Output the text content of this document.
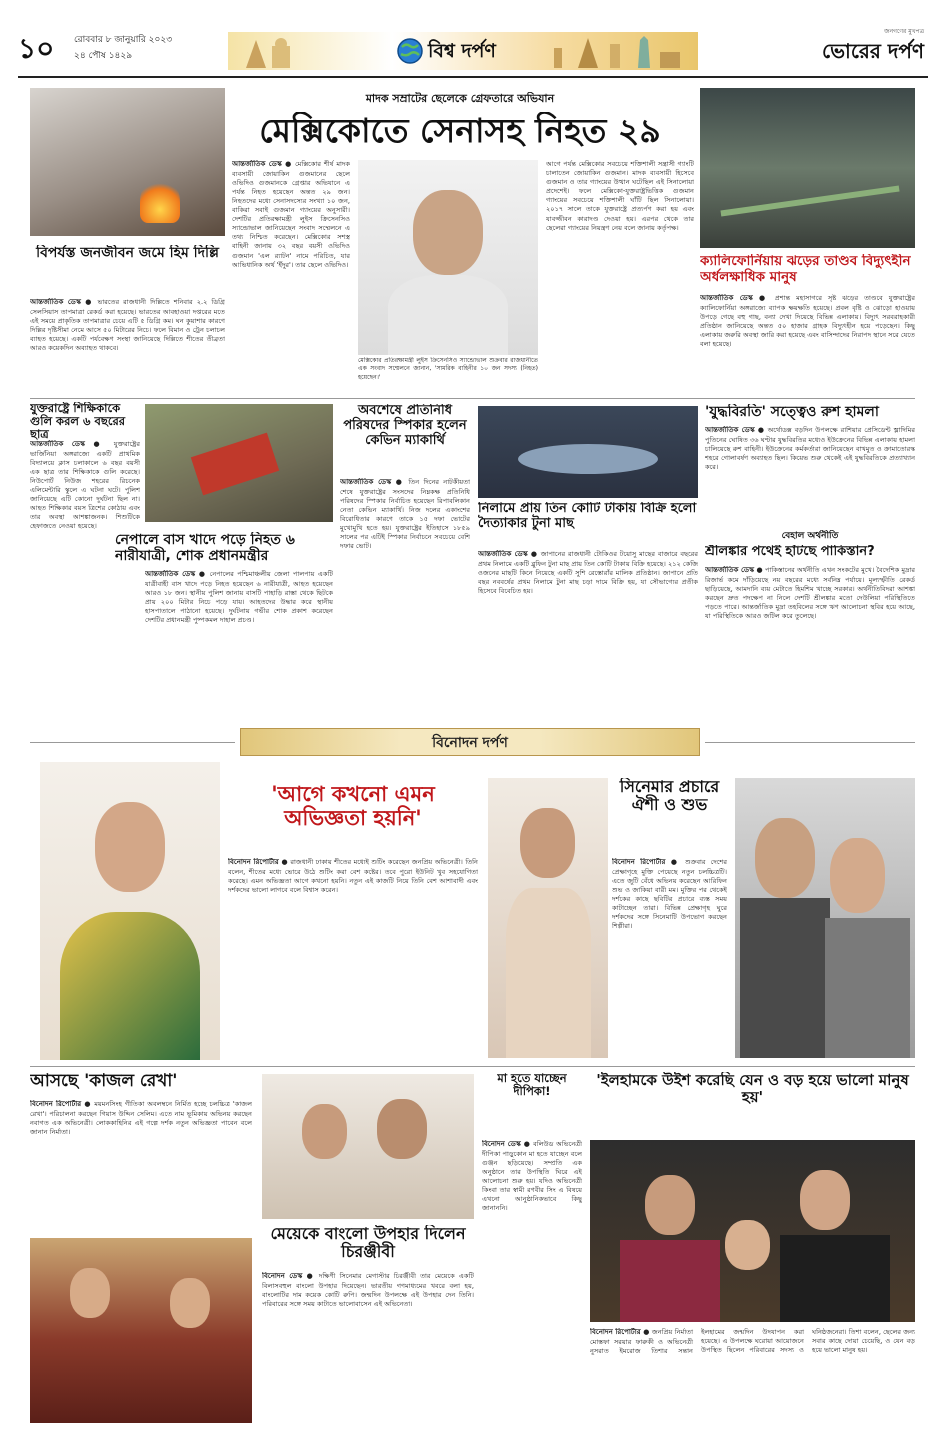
১০ রোববার ৮ জানুয়ারি ২০২৩
২৪ পৌষ ১৪২৯	বিশ্ব দর্পণ
জনগণের মুখপত্র
ভোরের দর্পণ
মাদক সম্রাটের ছেলেকে গ্রেফতারে অভিযান
মেক্সিকোতে সেনাসহ নিহত ২৯
আন্তর্জাতিক ডেস্ক ● মেক্সিকোর শীর্ষ মাদক ব্যবসায়ী জোয়াকিন গুজমানের ছেলে ওভিদিও গুজমানকে গ্রেপ্তার অভিযানে এ পর্যন্ত নিহত হয়েছেন অন্তত ২৯ জন। নিহতদের মধ্যে সেনাসদস্যের সংখ্যা ১০ জন, বাকিরা সবাই গুজমান গ্যাংয়ের অনুসারী। দেশটির প্রতিরক্ষামন্ত্রী লুইস ক্রিসেনসিও স্যান্ডোভাল জানিয়েছেন সংবাদ সম্মেলনে এ তথ্য নিশ্চিত করেছেন। মেক্সিকোর সশস্ত্র বাহিনী জানায় ৩২ বছর বয়সী ওভিদিও গুজমান 'এল র‍্যাটন' নামে পরিচিত, যার আভিধানিক অর্থ 'ইঁদুর'। তার ছেলে ওভিদিও।
মেক্সিকোর প্রতিরক্ষামন্ত্রী লুইস ক্রিসেনসিও স্যান্ডোভাল শুক্রবার রাজধানীতে এক সংবাদ সম্মেলনে জানান, 'সামরিক বাহিনীর ১০ জন সদস্য (নিহত) হয়েছেন।'
আগে পর্যন্ত মেক্সিকোর সবচেয়ে শক্তিশালী সন্ত্রাসী গ্যাংটি চালাতেন জোয়াকিন গুজমান। মাদক ব্যবসায়ী হিসেবে গুজমান ও তার গ্যাংয়ের উত্থান ঘটেছিল এই সিনালোয়া প্রদেশেই। ফলে মেক্সিকো-যুক্তরাষ্ট্রভিত্তিক গুজমান গ্যাংয়ের সবচেয়ে শক্তিশালী ঘাঁটি ছিল সিনালোয়া। ২০১৭ সালে তাকে যুক্তরাষ্ট্রে প্রত্যর্পণ করা হয় এবং যাবজ্জীবন কারাদণ্ড দেওয়া হয়। এরপর থেকে তার ছেলেরা গ্যাংয়ের নিয়ন্ত্রণ নেয় বলে জানায় কর্তৃপক্ষ।
ক্যালিফোর্নিয়ায় ঝড়ের তাণ্ডব বিদ্যুৎহীন অর্ধলক্ষাধিক মানুষ
আন্তর্জাতিক ডেস্ক ● প্রশান্ত মহাসাগরে সৃষ্ট ঝড়ের তাণ্ডবে যুক্তরাষ্ট্রের ক্যালিফোর্নিয়া অঙ্গরাজ্যে ব্যাপক ক্ষয়ক্ষতি হয়েছে। প্রবল বৃষ্টি ও ঝোড়ো হাওয়ায় উপড়ে গেছে বহু গাছ, বন্যা দেখা দিয়েছে বিভিন্ন এলাকায়। বিদ্যুৎ সরবরাহকারী প্রতিষ্ঠান জানিয়েছে অন্তত ৫০ হাজার গ্রাহক বিদ্যুৎহীন হয়ে পড়েছেন। কিছু এলাকায় জরুরি অবস্থা জারি করা হয়েছে এবং বাসিন্দাদের নিরাপদ স্থানে সরে যেতে বলা হয়েছে।
বিপর্যস্ত জনজীবন জমে হিম দিল্লি
আন্তর্জাতিক ডেস্ক ● ভারতের রাজধানী দিল্লিতে শনিবার ২.২ ডিগ্রি সেলসিয়াস তাপমাত্রা রেকর্ড করা হয়েছে। ভারতের আবহাওয়া দপ্তরের মতে এই সময়ে প্রাকৃতিক তাপমাত্রার চেয়ে এটি ৫ ডিগ্রি কম। ঘন কুয়াশার কারণে দিল্লির দৃষ্টিসীমা নেমে আসে ৫০ মিটারের নিচে। ফলে বিমান ও ট্রেন চলাচল ব্যাহত হয়েছে। একটি পর্যবেক্ষণ সংস্থা জানিয়েছে দিল্লিতে শীতের তীব্রতা আরও কয়েকদিন অব্যাহত থাকবে।
যুক্তরাষ্ট্রে শিক্ষিকাকে গুলি করল ৬ বছরের ছাত্র
আন্তর্জাতিক ডেস্ক ● যুক্তরাষ্ট্রের ভার্জিনিয়া অঙ্গরাজ্যে একটি প্রাথমিক বিদ্যালয়ে ক্লাস চলাকালে ৬ বছর বয়সী এক ছাত্র তার শিক্ষিকাকে গুলি করেছে। নিউপোর্ট নিউজ শহরের রিচনেক এলিমেন্টারি স্কুলে এ ঘটনা ঘটে। পুলিশ জানিয়েছে এটি কোনো দুর্ঘটনা ছিল না। আহত শিক্ষিকার বয়স ত্রিশের কোঠায় এবং তার অবস্থা আশঙ্কাজনক। শিশুটিকে হেফাজতে নেওয়া হয়েছে।
নেপালে বাস খাদে পড়ে নিহত ৬ নারীযাত্রী, শোক প্রধানমন্ত্রীর
আন্তর্জাতিক ডেস্ক ● নেপালের পশ্চিমাঞ্চলীয় জেলা পালপায় একটি যাত্রীবাহী বাস খাদে পড়ে নিহত হয়েছেন ৬ নারীযাত্রী, আহত হয়েছেন আরও ১৮ জন। স্থানীয় পুলিশ জানায় বাসটি পাহাড়ি রাস্তা থেকে ছিটকে প্রায় ২০০ মিটার নিচে পড়ে যায়। আহতদের উদ্ধার করে স্থানীয় হাসপাতালে পাঠানো হয়েছে। দুর্ঘটনায় গভীর শোক প্রকাশ করেছেন দেশটির প্রধানমন্ত্রী পুষ্পকমল দাহাল প্রচণ্ড।
অবশেষে প্রতিনিধি পরিষদের স্পিকার হলেন কেভিন ম্যাকার্থি
আন্তর্জাতিক ডেস্ক ● তিন দিনের নাটকীয়তা শেষে যুক্তরাষ্ট্রের সংসদের নিম্নকক্ষ প্রতিনিধি পরিষদের স্পিকার নির্বাচিত হয়েছেন রিপাবলিকান নেতা কেভিন ম্যাকার্থি। নিজ দলের একাংশের বিরোধিতার কারণে তাকে ১৫ দফা ভোটের মুখোমুখি হতে হয়। যুক্তরাষ্ট্রের ইতিহাসে ১৮৫৯ সালের পর এটিই স্পিকার নির্বাচনে সবচেয়ে বেশি দফার ভোট।
নিলামে প্রায় তিন কোটি টাকায় বিক্রি হলো দৈত্যাকার টুনা মাছ
আন্তর্জাতিক ডেস্ক ● জাপানের রাজধানী টোকিওর টয়োসু মাছের বাজারে বছরের প্রথম নিলামে একটি ব্লুফিন টুনা মাছ প্রায় তিন কোটি টাকায় বিক্রি হয়েছে। ২১২ কেজি ওজনের মাছটি কিনে নিয়েছে একটি সুশি রেস্তোরাঁর মালিক প্রতিষ্ঠান। জাপানে প্রতি বছর নববর্ষের প্রথম নিলামে টুনা মাছ চড়া দামে বিক্রি হয়, যা সৌভাগ্যের প্রতীক হিসেবে বিবেচিত হয়।
'যুদ্ধবিরতি' সত্ত্বেও রুশ হামলা
আন্তর্জাতিক ডেস্ক ● অর্থোডক্স বড়দিন উপলক্ষে রাশিয়ার প্রেসিডেন্ট ভ্লাদিমির পুতিনের ঘোষিত ৩৬ ঘণ্টার যুদ্ধবিরতির মধ্যেও ইউক্রেনের বিভিন্ন এলাকায় হামলা চালিয়েছে রুশ বাহিনী। ইউক্রেনের কর্মকর্তারা জানিয়েছেন বাখমুত ও ক্রামাতোরস্ক শহরে গোলাবর্ষণ অব্যাহত ছিল। কিয়েভ শুরু থেকেই এই যুদ্ধবিরতিকে প্রত্যাখ্যান করে।
বেহাল অর্থনীতি
শ্রীলঙ্কার পথেই হাঁটছে পাকিস্তান?
আন্তর্জাতিক ডেস্ক ● পাকিস্তানের অর্থনীতি এখন সংকটের মুখে। বৈদেশিক মুদ্রার রিজার্ভ কমে দাঁড়িয়েছে নয় বছরের মধ্যে সর্বনিম্ন পর্যায়ে। মূল্যস্ফীতি রেকর্ড ছাড়িয়েছে, আমদানি ব্যয় মেটাতে হিমশিম খাচ্ছে সরকার। অর্থনীতিবিদরা আশঙ্কা করছেন দ্রুত পদক্ষেপ না নিলে দেশটি শ্রীলঙ্কার মতো দেউলিয়া পরিস্থিতিতে পড়তে পারে। আন্তর্জাতিক মুদ্রা তহবিলের সঙ্গে ঋণ আলোচনা স্থবির হয়ে আছে, যা পরিস্থিতিকে আরও জটিল করে তুলেছে।
বিনোদন দর্পণ
'আগে কখনো এমন অভিজ্ঞতা হয়নি'
বিনোদন রিপোর্টার ● রাজধানী ঢাকায় শীতের মধ্যেই শুটিং করেছেন জনপ্রিয় অভিনেত্রী। তিনি বলেন, শীতের মধ্যে ভোরে উঠে শুটিং করা বেশ কষ্টের। তবে পুরো ইউনিট খুব সহযোগিতা করেছে। এমন অভিজ্ঞতা আগে কখনো হয়নি। নতুন এই কাজটি নিয়ে তিনি বেশ আশাবাদী এবং দর্শকদের ভালো লাগবে বলে বিশ্বাস করেন।
সিনেমার প্রচারে ঐশী ও শুভ
বিনোদন রিপোর্টার ● শুক্রবার দেশের প্রেক্ষাগৃহে মুক্তি পেয়েছে নতুন চলচ্চিত্রটি। এতে জুটি বেঁধে অভিনয় করেছেন আরিফিন শুভ ও জাকিয়া বারী মম। মুক্তির পর থেকেই দর্শকের কাছে ছবিটির প্রচারে ব্যস্ত সময় কাটাচ্ছেন তারা। বিভিন্ন প্রেক্ষাগৃহ ঘুরে দর্শকদের সঙ্গে সিনেমাটি উপভোগ করছেন শিল্পীরা।
আসছে 'কাজল রেখা'
বিনোদন রিপোর্টার ● ময়মনসিংহ গীতিকা অবলম্বনে নির্মিত হচ্ছে চলচ্চিত্র 'কাজল রেখা'। পরিচালনা করছেন গিয়াস উদ্দিন সেলিম। এতে নাম ভূমিকায় অভিনয় করছেন নবাগত এক অভিনেত্রী। লোককাহিনির এই গল্পে দর্শক নতুন অভিজ্ঞতা পাবেন বলে জানান নির্মাতা।
মেয়েকে বাংলো উপহার দিলেন চিরঞ্জীবী
বিনোদন ডেস্ক ● দক্ষিণী সিনেমার মেগাস্টার চিরঞ্জীবী তার মেয়েকে একটি বিলাসবহুল বাংলো উপহার দিয়েছেন। ভারতীয় গণমাধ্যমের খবরে বলা হয়, বাংলোটির দাম কয়েক কোটি রুপি। জন্মদিন উপলক্ষে এই উপহার দেন তিনি। পরিবারের সঙ্গে সময় কাটাতে ভালোবাসেন এই অভিনেতা।
মা হতে যাচ্ছেন দীপিকা!
বিনোদন ডেস্ক ● বলিউড অভিনেত্রী দীপিকা পাড়ুকোন মা হতে যাচ্ছেন বলে গুঞ্জন ছড়িয়েছে। সম্প্রতি এক অনুষ্ঠানে তার উপস্থিতি ঘিরে এই আলোচনা শুরু হয়। যদিও অভিনেত্রী কিংবা তার স্বামী রণবীর সিং এ বিষয়ে এখনো আনুষ্ঠানিকভাবে কিছু জানাননি।
'ইলহামকে উইশ করেছি যেন ও বড় হয়ে ভালো মানুষ হয়'
বিনোদন রিপোর্টার ● জনপ্রিয় নির্মাতা মোস্তফা সরয়ার ফারুকী ও অভিনেত্রী নুসরাত ইমরোজ তিশার সন্তান ইলহামের জন্মদিন উদযাপন করা হয়েছে। এ উপলক্ষে ঘরোয়া আয়োজনে উপস্থিত ছিলেন পরিবারের সদস্য ও ঘনিষ্ঠজনেরা। তিশা বলেন, ছেলের জন্য সবার কাছে দোয়া চেয়েছি, ও যেন বড় হয়ে ভালো মানুষ হয়।
